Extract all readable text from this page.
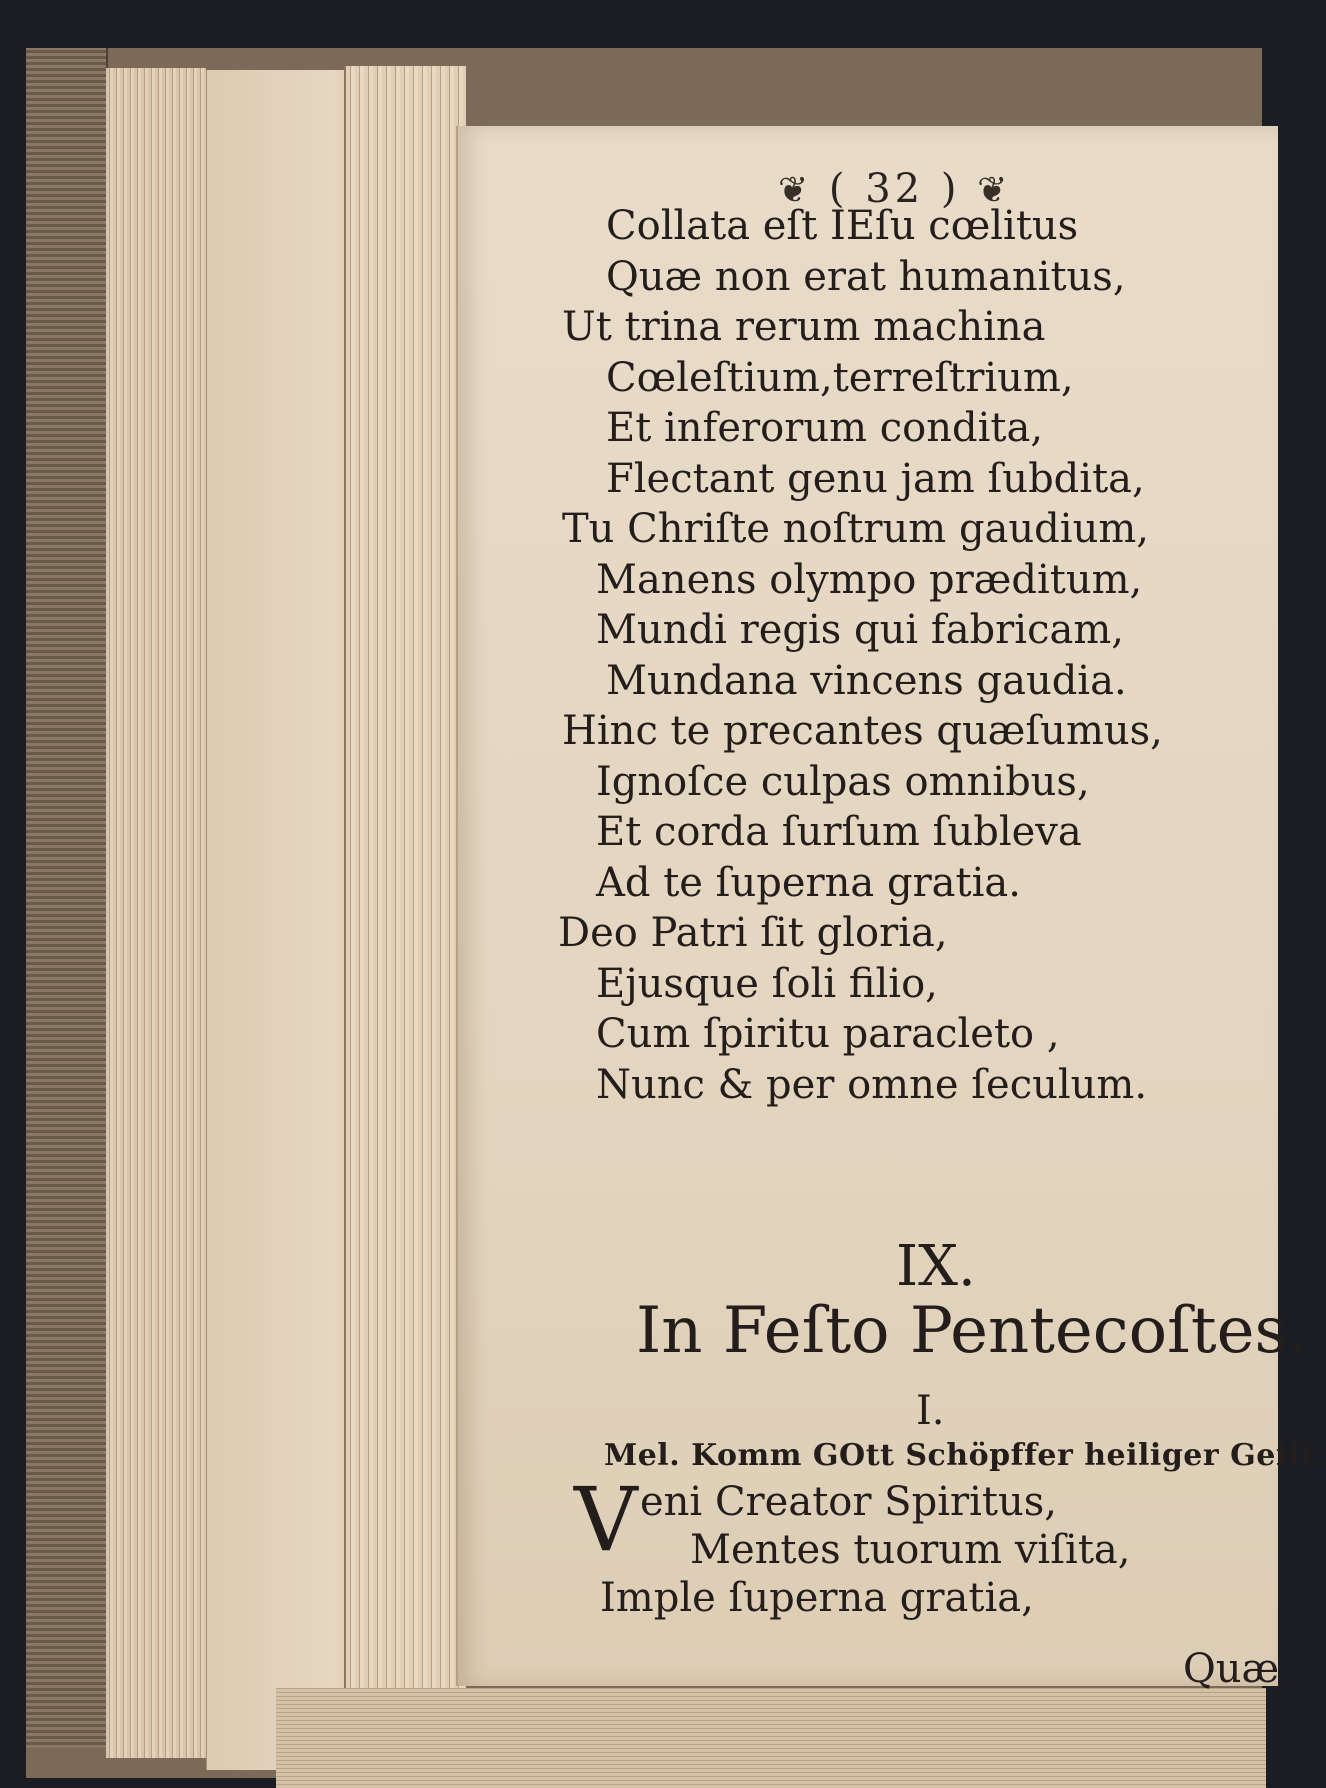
❦ ( 32 ) ❦
Collata eſt IEſu cœlitus
Quæ non erat humanitus,
Ut trina rerum machina
Cœleſtium,terreſtrium,
Et inferorum condita,
Flectant genu jam ſubdita,
Tu Chriſte noſtrum gaudium,
Manens olympo præditum,
Mundi regis qui fabricam,
Mundana vincens gaudia.
Hinc te precantes quæſumus,
Ignoſce culpas omnibus,
Et corda ſurſum ſubleva
Ad te ſuperna gratia.
Deo Patri ſit gloria,
Ejusque ſoli filio,
Cum ſpiritu paracleto ,
Nunc & per omne ſeculum.
IX.
In Feſto Pentecoſtes.
I.
Mel. Komm GOtt Schöpffer heiliger Geiſt.
V eni Creator Spiritus,
Mentes tuorum viſita,
Imple ſuperna gratia,
Quæ
